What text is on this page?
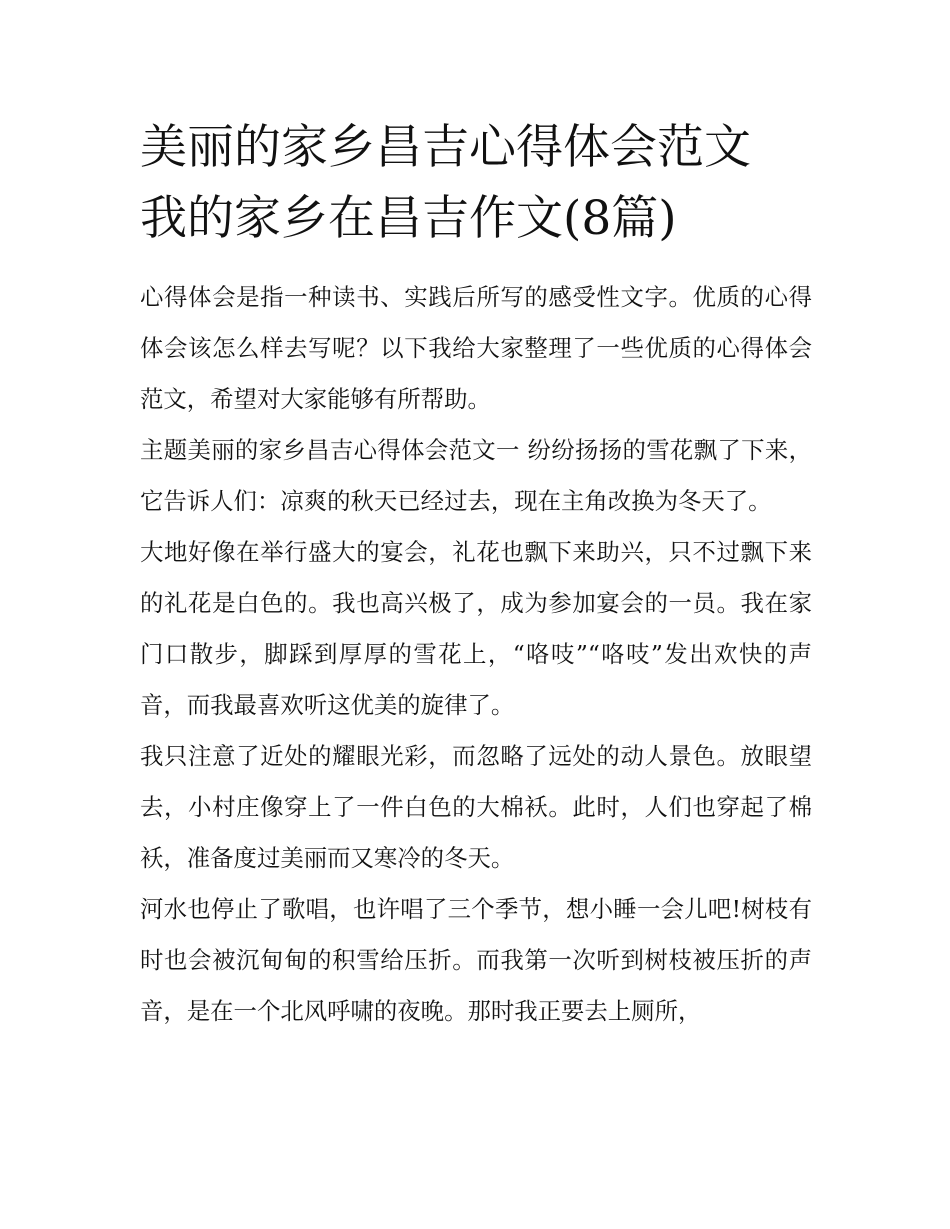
美丽的家乡昌吉心得体会范文
我的家乡在昌吉作文(8篇)

心得体会是指一种读书、实践后所写的感受性文字。优质的心得体会该怎么样去写呢？以下我给大家整理了一些优质的心得体会范文，希望对大家能够有所帮助。

主题美丽的家乡昌吉心得体会范文一 纷纷扬扬的雪花飘了下来，它告诉人们：凉爽的秋天已经过去，现在主角改换为冬天了。

大地好像在举行盛大的宴会，礼花也飘下来助兴，只不过飘下来的礼花是白色的。我也高兴极了，成为参加宴会的一员。我在家门口散步，脚踩到厚厚的雪花上，“咯吱”“咯吱”发出欢快的声音，而我最喜欢听这优美的旋律了。

我只注意了近处的耀眼光彩，而忽略了远处的动人景色。放眼望去，小村庄像穿上了一件白色的大棉袄。此时，人们也穿起了棉袄，准备度过美丽而又寒冷的冬天。

河水也停止了歌唱，也许唱了三个季节，想小睡一会儿吧!树枝有时也会被沉甸甸的积雪给压折。而我第一次听到树枝被压折的声音，是在一个北风呼啸的夜晚。那时我正要去上厕所，
